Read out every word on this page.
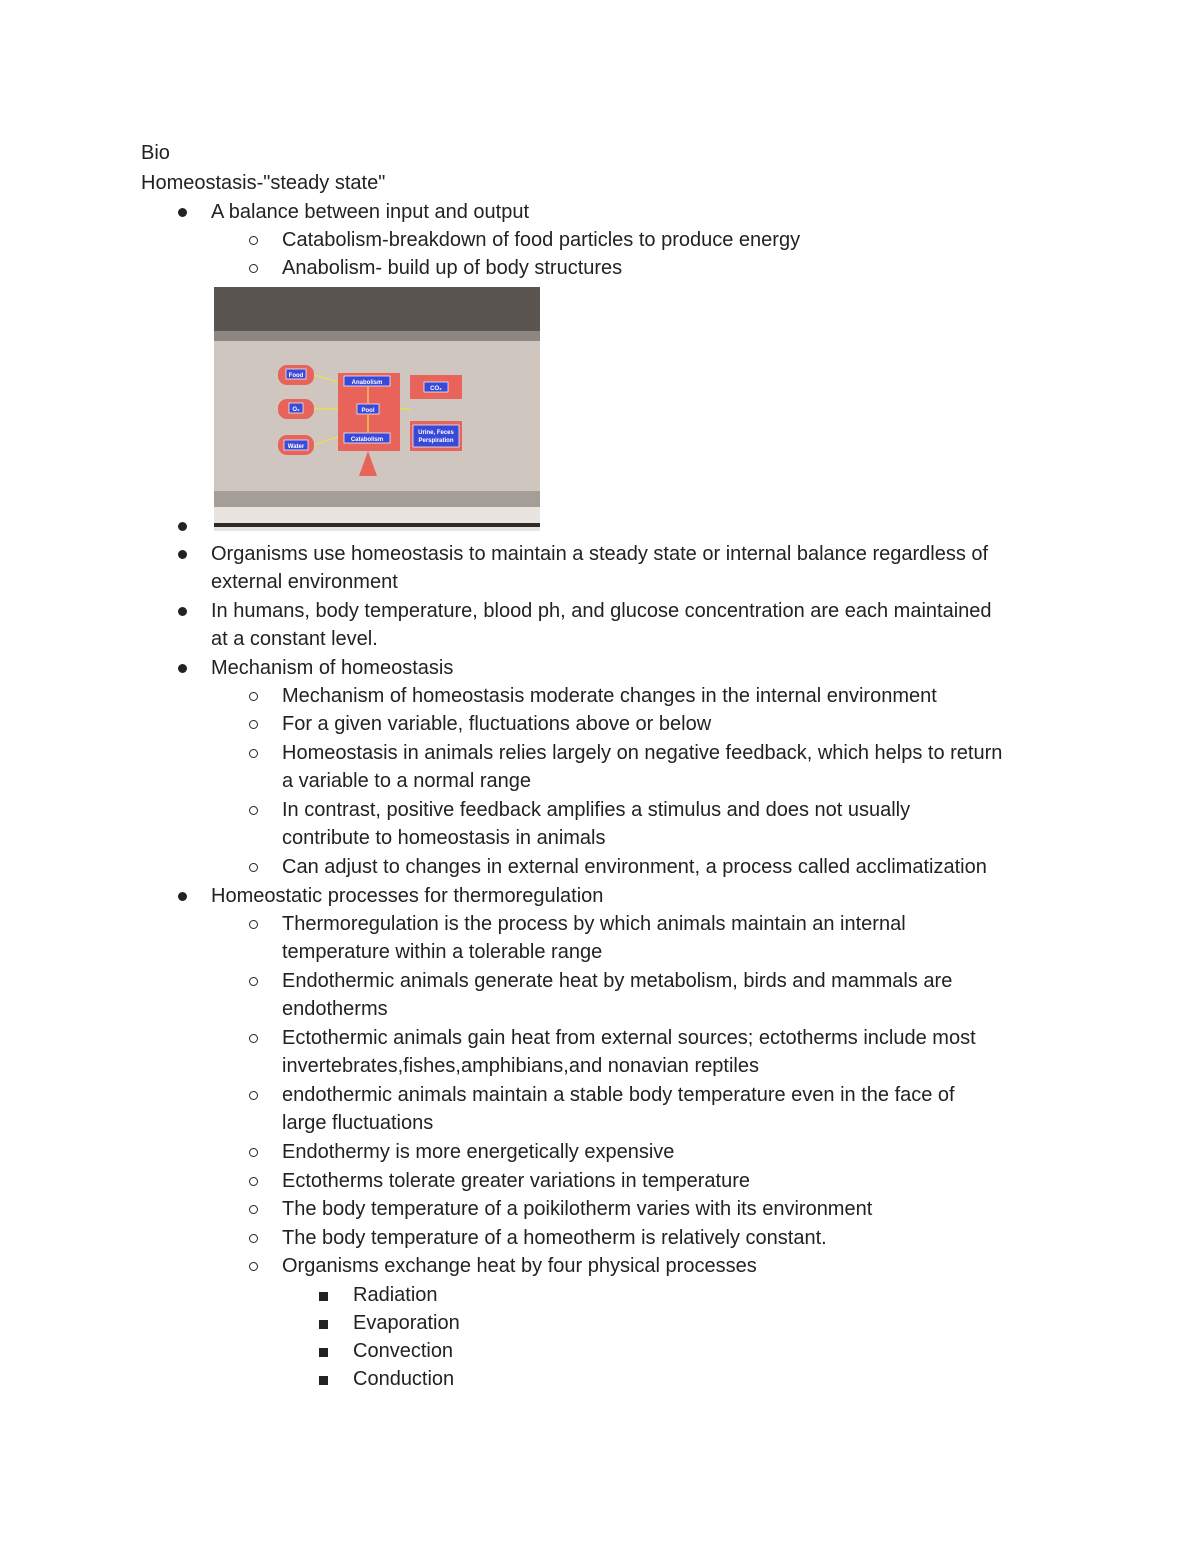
Bio
Homeostasis-"steady state"
A balance between input and output
Catabolism-breakdown of food particles to produce energy
Anabolism- build up of body structures
Food
O₂
Water
Anabolism
Pool
Catabolism
CO₂
Urine, Feces
Perspiration
Organisms use homeostasis to maintain a steady state or internal balance regardless of
external environment
In humans, body temperature, blood ph, and glucose concentration are each maintained
at a constant level.
Mechanism of homeostasis
Mechanism of homeostasis moderate changes in the internal environment
For a given variable, fluctuations above or below
Homeostasis in animals relies largely on negative feedback, which helps to return
a variable to a normal range
In contrast, positive feedback amplifies a stimulus and does not usually
contribute to homeostasis in animals
Can adjust to changes in external environment, a process called acclimatization
Homeostatic processes for thermoregulation
Thermoregulation is the process by which animals maintain an internal
temperature within a tolerable range
Endothermic animals generate heat by metabolism, birds and mammals are
endotherms
Ectothermic animals gain heat from external sources; ectotherms include most
invertebrates,fishes,amphibians,and nonavian reptiles
endothermic animals maintain a stable body temperature even in the face of
large fluctuations
Endothermy is more energetically expensive
Ectotherms tolerate greater variations in temperature
The body temperature of a poikilotherm varies with its environment
The body temperature of a homeotherm is relatively constant.
Organisms exchange heat by four physical processes
Radiation
Evaporation
Convection
Conduction
